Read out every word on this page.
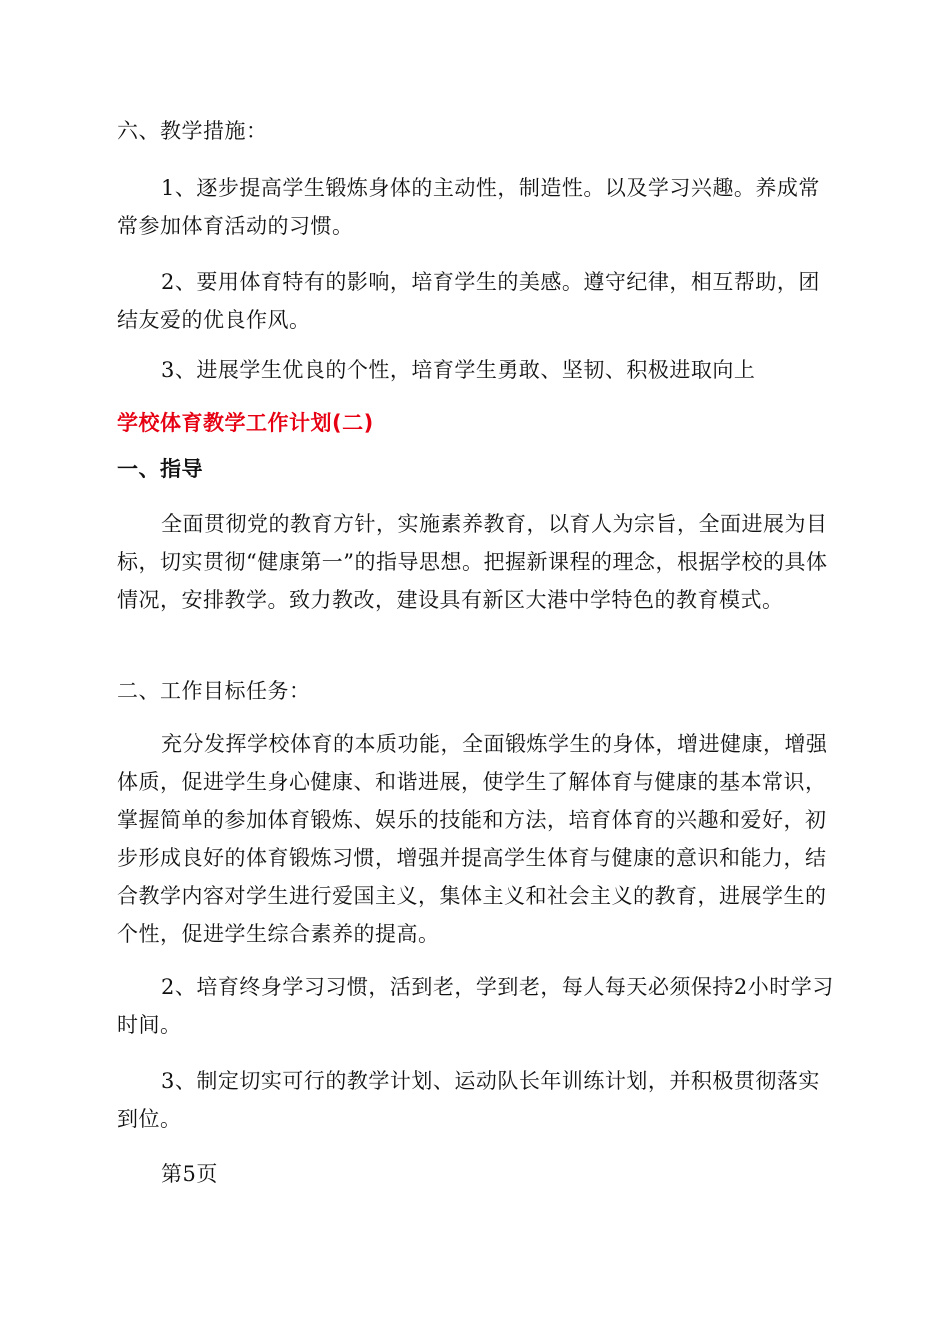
六、教学措施：
1、逐步提高学生锻炼身体的主动性，制造性。以及学习兴趣。养成常常参加体育活动的习惯。
2、要用体育特有的影响，培育学生的美感。遵守纪律，相互帮助，团结友爱的优良作风。
3、进展学生优良的个性，培育学生勇敢、坚韧、积极进取向上
学校体育教学工作计划(二)
一、指导
全面贯彻党的教育方针，实施素养教育，以育人为宗旨，全面进展为目标，切实贯彻“健康第一”的指导思想。把握新课程的理念，根据学校的具体情况，安排教学。致力教改，建设具有新区大港中学特色的教育模式。
二、工作目标任务：
充分发挥学校体育的本质功能，全面锻炼学生的身体，增进健康，增强体质，促进学生身心健康、和谐进展，使学生了解体育与健康的基本常识，掌握简单的参加体育锻炼、娱乐的技能和方法，培育体育的兴趣和爱好，初步形成良好的体育锻炼习惯，增强并提高学生体育与健康的意识和能力，结合教学内容对学生进行爱国主义，集体主义和社会主义的教育，进展学生的个性，促进学生综合素养的提高。
2、培育终身学习习惯，活到老，学到老，每人每天必须保持2小时学习时间。
3、制定切实可行的教学计划、运动队长年训练计划，并积极贯彻落实到位。
第5页
